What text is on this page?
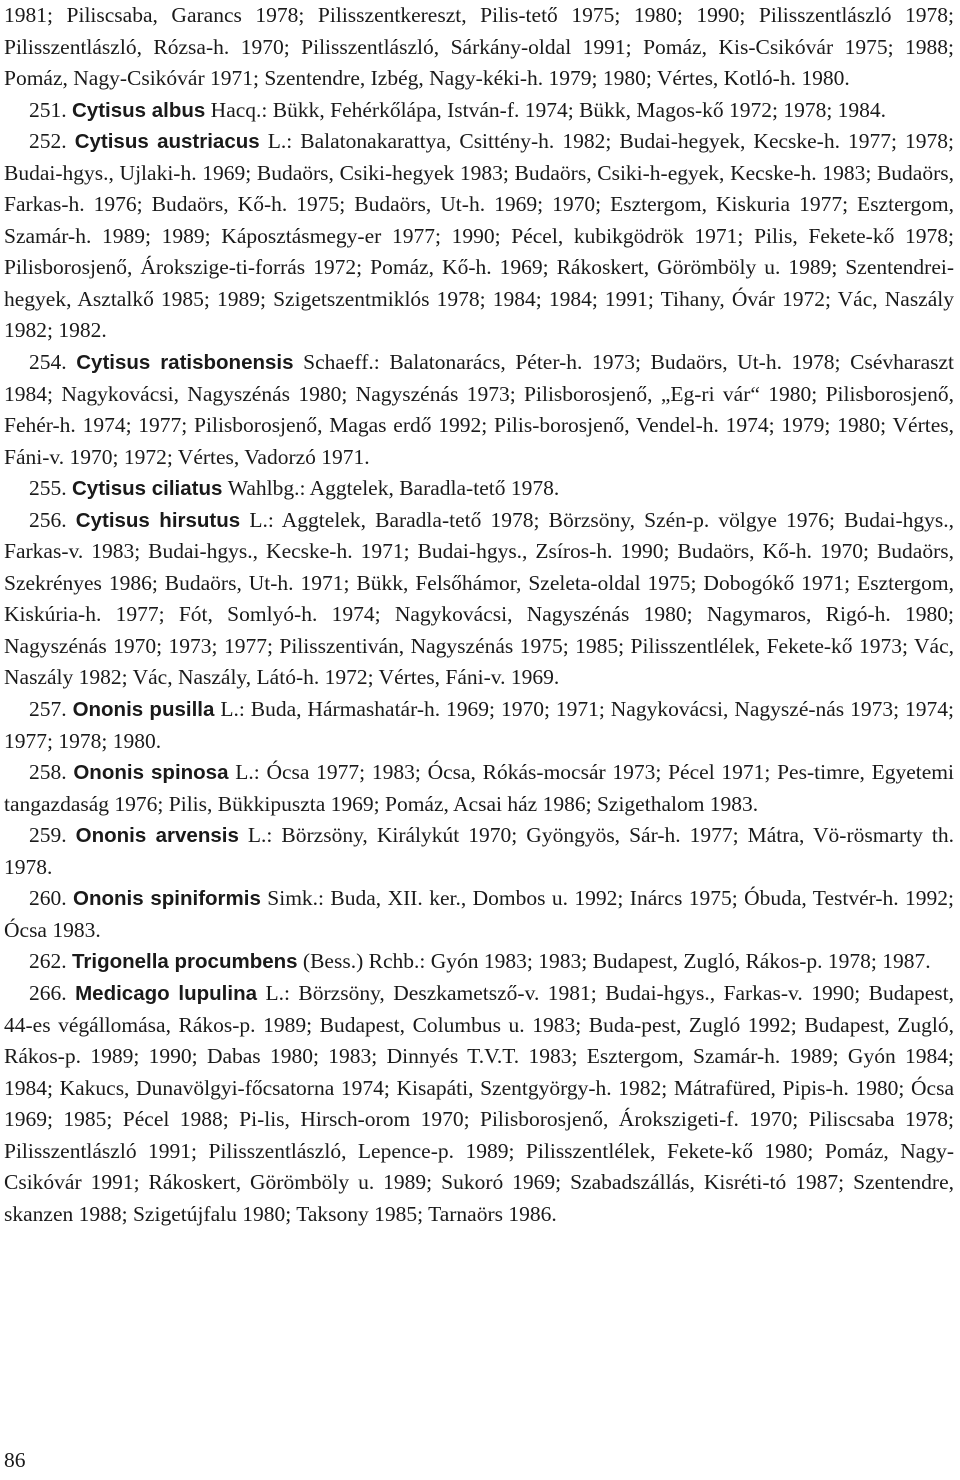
1981; Piliscsaba, Garancs 1978; Pilisszentkereszt, Pilis-tető 1975; 1980; 1990; Pilisszentlászló 1978; Pilisszentlászló, Rózsa-h. 1970; Pilisszentlászló, Sárkány-oldal 1991; Pomáz, Kis-Csikóvár 1975; 1988; Pomáz, Nagy-Csikóvár 1971; Szentendre, Izbég, Nagy-kéki-h. 1979; 1980; Vértes, Kotló-h. 1980.

251. Cytisus albus Hacq.: Bükk, Fehérkőlápa, István-f. 1974; Bükk, Magos-kő 1972; 1978; 1984.

252. Cytisus austriacus L.: Balatonakarattya, Csittény-h. 1982; Budai-hegyek, Kecske-h. 1977; 1978; Budai-hgys., Ujlaki-h. 1969; Budaörs, Csiki-hegyek 1983; Budaörs, Csiki-h-egyek, Kecske-h. 1983; Budaörs, Farkas-h. 1976; Budaörs, Kő-h. 1975; Budaörs, Ut-h. 1969; 1970; Esztergom, Kiskuria 1977; Esztergom, Szamár-h. 1989; 1989; Káposztásmegy-er 1977; 1990; Pécel, kubikgödrök 1971; Pilis, Fekete-kő 1978; Pilisborosjenő, Árokszige-ti-forrás 1972; Pomáz, Kő-h. 1969; Rákoskert, Görömböly u. 1989; Szentendrei-hegyek, Asztalkő 1985; 1989; Szigetszentmiklós 1978; 1984; 1984; 1991; Tihany, Óvár 1972; Vác, Naszály 1982; 1982.

254. Cytisus ratisbonensis Schaeff.: Balatonarács, Péter-h. 1973; Budaörs, Ut-h. 1978; Csévharaszt 1984; Nagykovácsi, Nagyszénás 1980; Nagyszénás 1973; Pilisborosjenő, „Eg-ri vár“ 1980; Pilisborosjenő, Fehér-h. 1974; 1977; Pilisborosjenő, Magas erdő 1992; Pilis-borosjenő, Vendel-h. 1974; 1979; 1980; Vértes, Fáni-v. 1970; 1972; Vértes, Vadorzó 1971.

255. Cytisus ciliatus Wahlbg.: Aggtelek, Baradla-tető 1978.

256. Cytisus hirsutus L.: Aggtelek, Baradla-tető 1978; Börzsöny, Szén-p. völgye 1976; Budai-hgys., Farkas-v. 1983; Budai-hgys., Kecske-h. 1971; Budai-hgys., Zsíros-h. 1990; Budaörs, Kő-h. 1970; Budaörs, Szekrényes 1986; Budaörs, Ut-h. 1971; Bükk, Felsőhámor, Szeleta-oldal 1975; Dobogókő 1971; Esztergom, Kiskúria-h. 1977; Fót, Somlyó-h. 1974; Nagykovácsi, Nagyszénás 1980; Nagymaros, Rigó-h. 1980; Nagyszénás 1970; 1973; 1977; Pilisszentiván, Nagyszénás 1975; 1985; Pilisszentlélek, Fekete-kő 1973; Vác, Naszály 1982; Vác, Naszály, Látó-h. 1972; Vértes, Fáni-v. 1969.

257. Ononis pusilla L.: Buda, Hármashatár-h. 1969; 1970; 1971; Nagykovácsi, Nagyszé-nás 1973; 1974; 1977; 1978; 1980.

258. Ononis spinosa L.: Ócsa 1977; 1983; Ócsa, Rókás-mocsár 1973; Pécel 1971; Pes-timre, Egyetemi tangazdaság 1976; Pilis, Bükkipuszta 1969; Pomáz, Acsai ház 1986; Szigethalom 1983.

259. Ononis arvensis L.: Börzsöny, Királykút 1970; Gyöngyös, Sár-h. 1977; Mátra, Vö-rösmarty th. 1978.

260. Ononis spiniformis Simk.: Buda, XII. ker., Dombos u. 1992; Inárcs 1975; Óbuda, Testvér-h. 1992; Ócsa 1983.

262. Trigonella procumbens (Bess.) Rchb.: Gyón 1983; 1983; Budapest, Zugló, Rákos-p. 1978; 1987.

266. Medicago lupulina L.: Börzsöny, Deszkametsző-v. 1981; Budai-hgys., Farkas-v. 1990; Budapest, 44-es végállomása, Rákos-p. 1989; Budapest, Columbus u. 1983; Buda-pest, Zugló 1992; Budapest, Zugló, Rákos-p. 1989; 1990; Dabas 1980; 1983; Dinnyés T.V.T. 1983; Esztergom, Szamár-h. 1989; Gyón 1984; 1984; Kakucs, Dunavölgyi-főcsatorna 1974; Kisapáti, Szentgyörgy-h. 1982; Mátrafüred, Pipis-h. 1980; Ócsa 1969; 1985; Pécel 1988; Pi-lis, Hirsch-orom 1970; Pilisborosjenő, Árokszigeti-f. 1970; Piliscsaba 1978; Pilisszentlászló 1991; Pilisszentlászló, Lepence-p. 1989; Pilisszentlélek, Fekete-kő 1980; Pomáz, Nagy-Csikóvár 1991; Rákoskert, Görömböly u. 1989; Sukoró 1969; Szabadszállás, Kisréti-tó 1987; Szentendre, skanzen 1988; Szigetújfalu 1980; Taksony 1985; Tarnaörs 1986.

86
